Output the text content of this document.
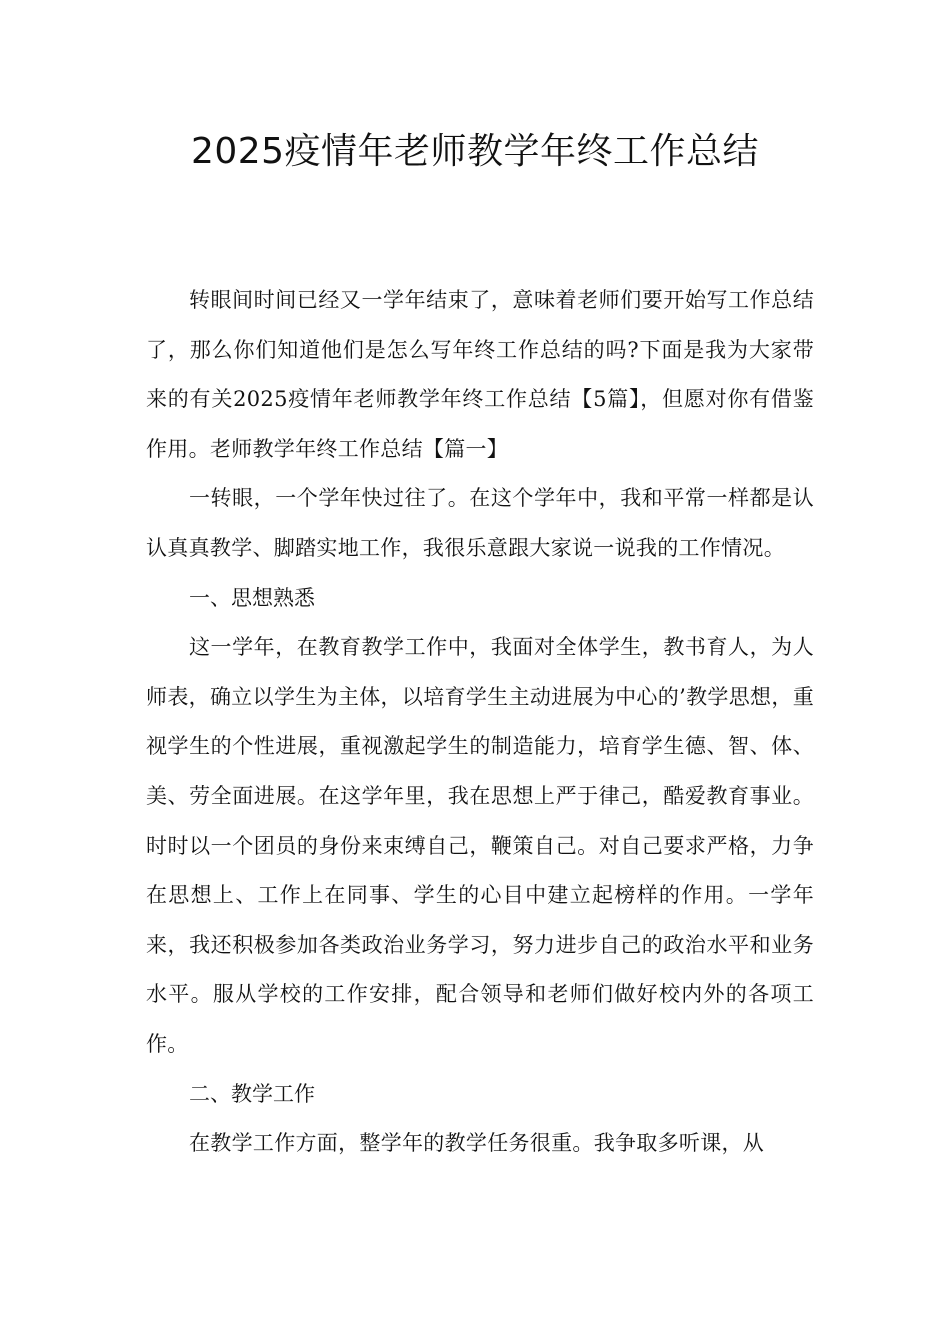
2025疫情年老师教学年终工作总结

转眼间时间已经又一学年结束了，意味着老师们要开始写工作总结了，那么你们知道他们是怎么写年终工作总结的吗?下面是我为大家带来的有关2025疫情年老师教学年终工作总结【5篇】，但愿对你有借鉴作用。老师教学年终工作总结【篇一】

一转眼，一个学年快过往了。在这个学年中，我和平常一样都是认认真真教学、脚踏实地工作，我很乐意跟大家说一说我的工作情况。

一、思想熟悉

这一学年，在教育教学工作中，我面对全体学生，教书育人，为人师表，确立以学生为主体，以培育学生主动进展为中心的’教学思想，重视学生的个性进展，重视激起学生的制造能力，培育学生德、智、体、美、劳全面进展。在这学年里，我在思想上严于律己，酷爱教育事业。时时以一个团员的身份来束缚自己，鞭策自己。对自己要求严格，力争在思想上、工作上在同事、学生的心目中建立起榜样的作用。一学年来，我还积极参加各类政治业务学习，努力进步自己的政治水平和业务水平。服从学校的工作安排，配合领导和老师们做好校内外的各项工作。

二、教学工作

在教学工作方面，整学年的教学任务很重。我争取多听课，从
